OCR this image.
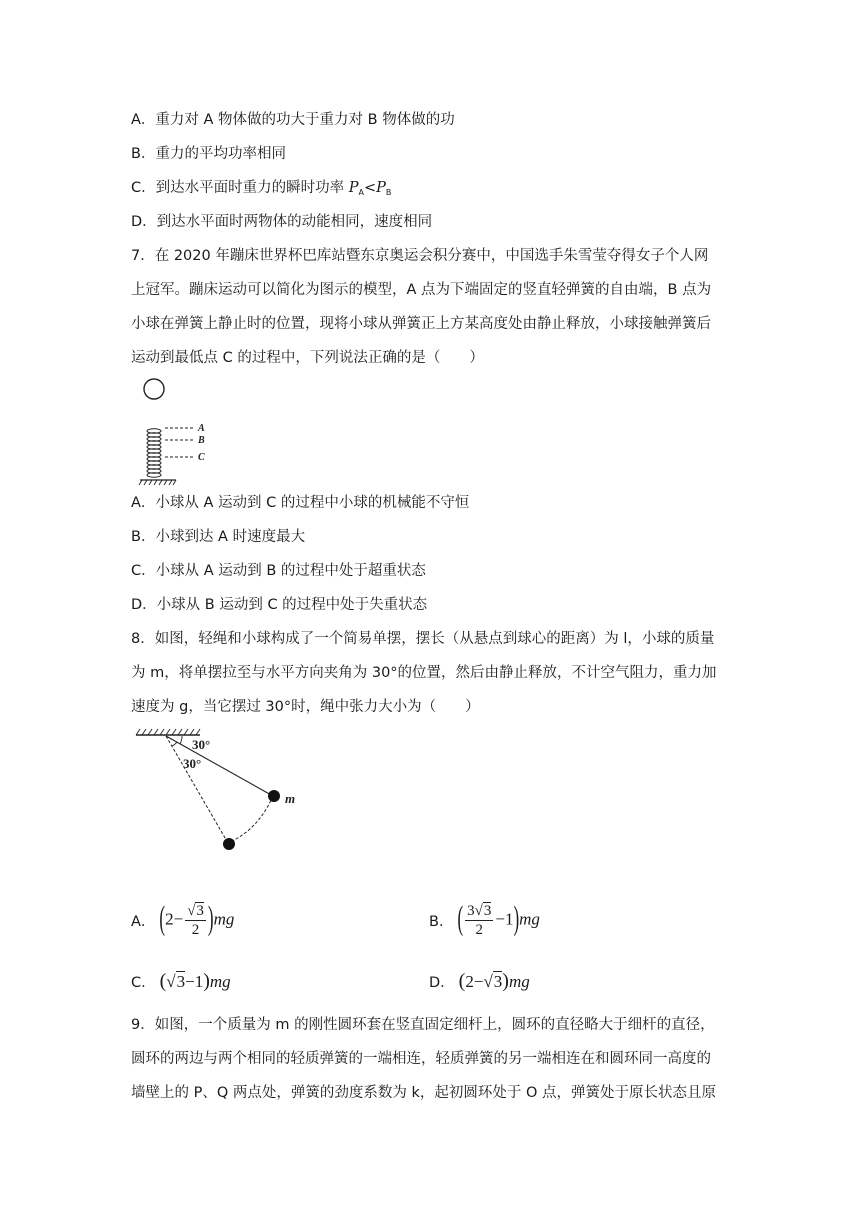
A．重力对 A 物体做的功大于重力对 B 物体做的功
B．重力的平均功率相同
C．到达水平面时重力的瞬时功率 $P_A<P_B$
D．到达水平面时两物体的动能相同，速度相同
7．在 2020 年蹦床世界杯巴库站暨东京奥运会积分赛中，中国选手朱雪莹夺得女子个人网
上冠军。蹦床运动可以简化为图示的模型，A 点为下端固定的竖直轻弹簧的自由端，B 点为
小球在弹簧上静止时的位置，现将小球从弹簧正上方某高度处由静止释放，小球接触弹簧后
运动到最低点 C 的过程中，下列说法正确的是（　　）
A
B
C
A．小球从 A 运动到 C 的过程中小球的机械能不守恒
B．小球到达 A 时速度最大
C．小球从 A 运动到 B 的过程中处于超重状态
D．小球从 B 运动到 C 的过程中处于失重状态
8．如图，轻绳和小球构成了一个简易单摆，摆长（从悬点到球心的距离）为 l，小球的质量
为 m，将单摆拉至与水平方向夹角为 30°的位置，然后由静止释放，不计空气阻力，重力加
速度为 g，当它摆过 30°时，绳中张力大小为（　　）
30°
30°
m
A． $(2- \frac{√3}{2} )mg$	B． ( $\frac{3√3}{2} -1)mg$
C． (√3−1)mg	D． (2−√3)mg
9．如图，一个质量为 m 的刚性圆环套在竖直固定细杆上，圆环的直径略大于细杆的直径，
圆环的两边与两个相同的轻质弹簧的一端相连，轻质弹簧的另一端相连在和圆环同一高度的
墙壁上的 P、Q 两点处，弹簧的劲度系数为 k，起初圆环处于 O 点，弹簧处于原长状态且原
